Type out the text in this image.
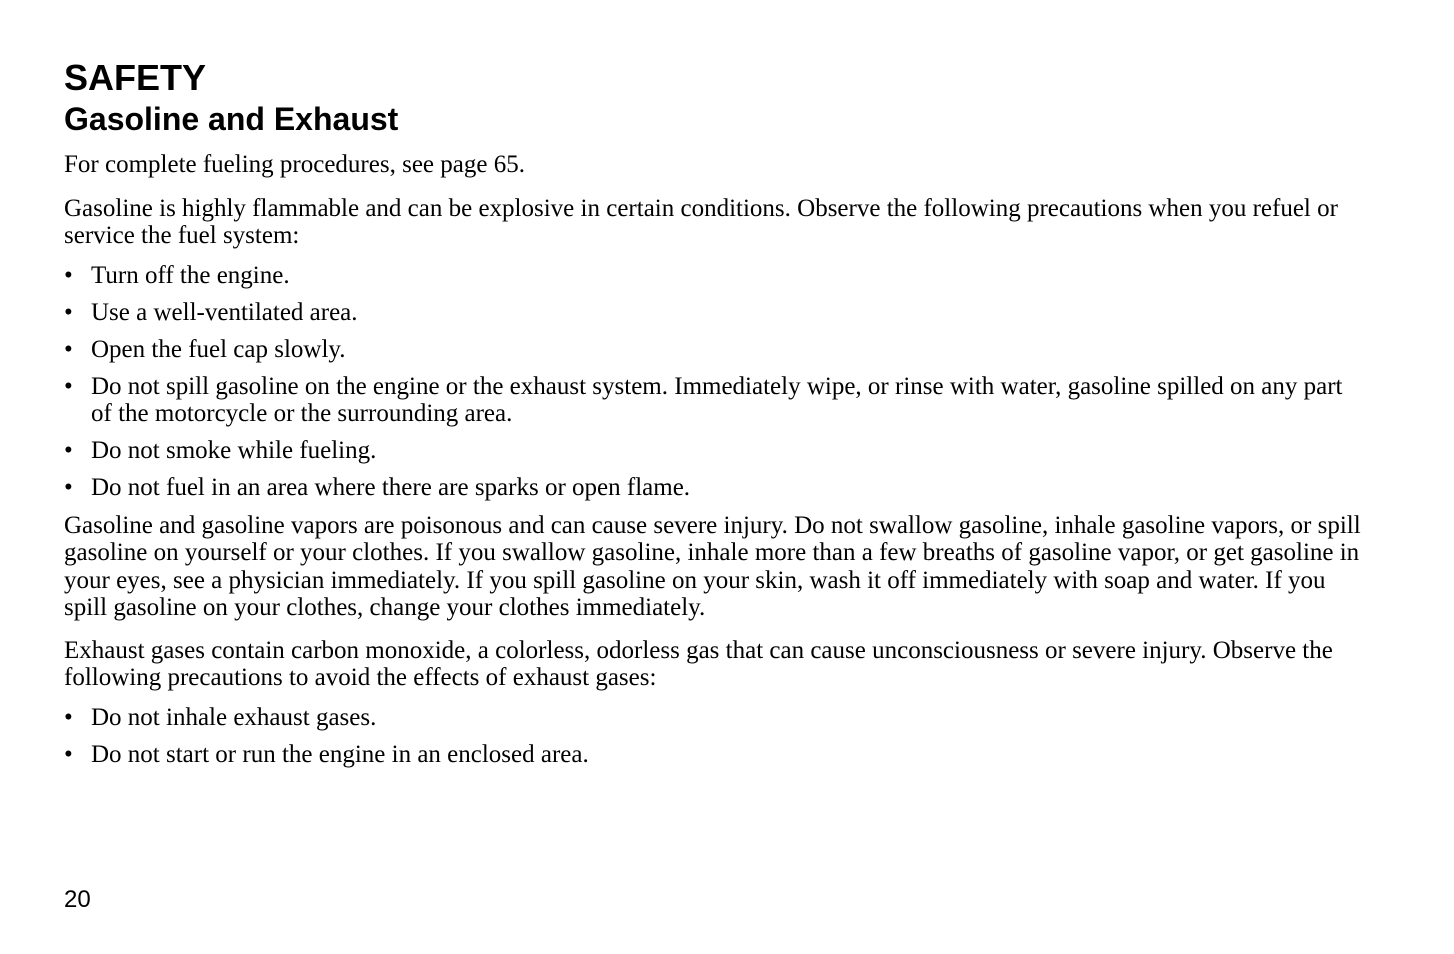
SAFETY
Gasoline and Exhaust

For complete fueling procedures, see page 65.

Gasoline is highly flammable and can be explosive in certain conditions. Observe the following precautions when you refuel or service the fuel system:

• Turn off the engine.
• Use a well-ventilated area.
• Open the fuel cap slowly.
• Do not spill gasoline on the engine or the exhaust system. Immediately wipe, or rinse with water, gasoline spilled on any part of the motorcycle or the surrounding area.
• Do not smoke while fueling.
• Do not fuel in an area where there are sparks or open flame.

Gasoline and gasoline vapors are poisonous and can cause severe injury. Do not swallow gasoline, inhale gasoline vapors, or spill gasoline on yourself or your clothes. If you swallow gasoline, inhale more than a few breaths of gasoline vapor, or get gasoline in your eyes, see a physician immediately. If you spill gasoline on your skin, wash it off immediately with soap and water. If you spill gasoline on your clothes, change your clothes immediately.

Exhaust gases contain carbon monoxide, a colorless, odorless gas that can cause unconsciousness or severe injury. Observe the following precautions to avoid the effects of exhaust gases:

• Do not inhale exhaust gases.
• Do not start or run the engine in an enclosed area.

20
